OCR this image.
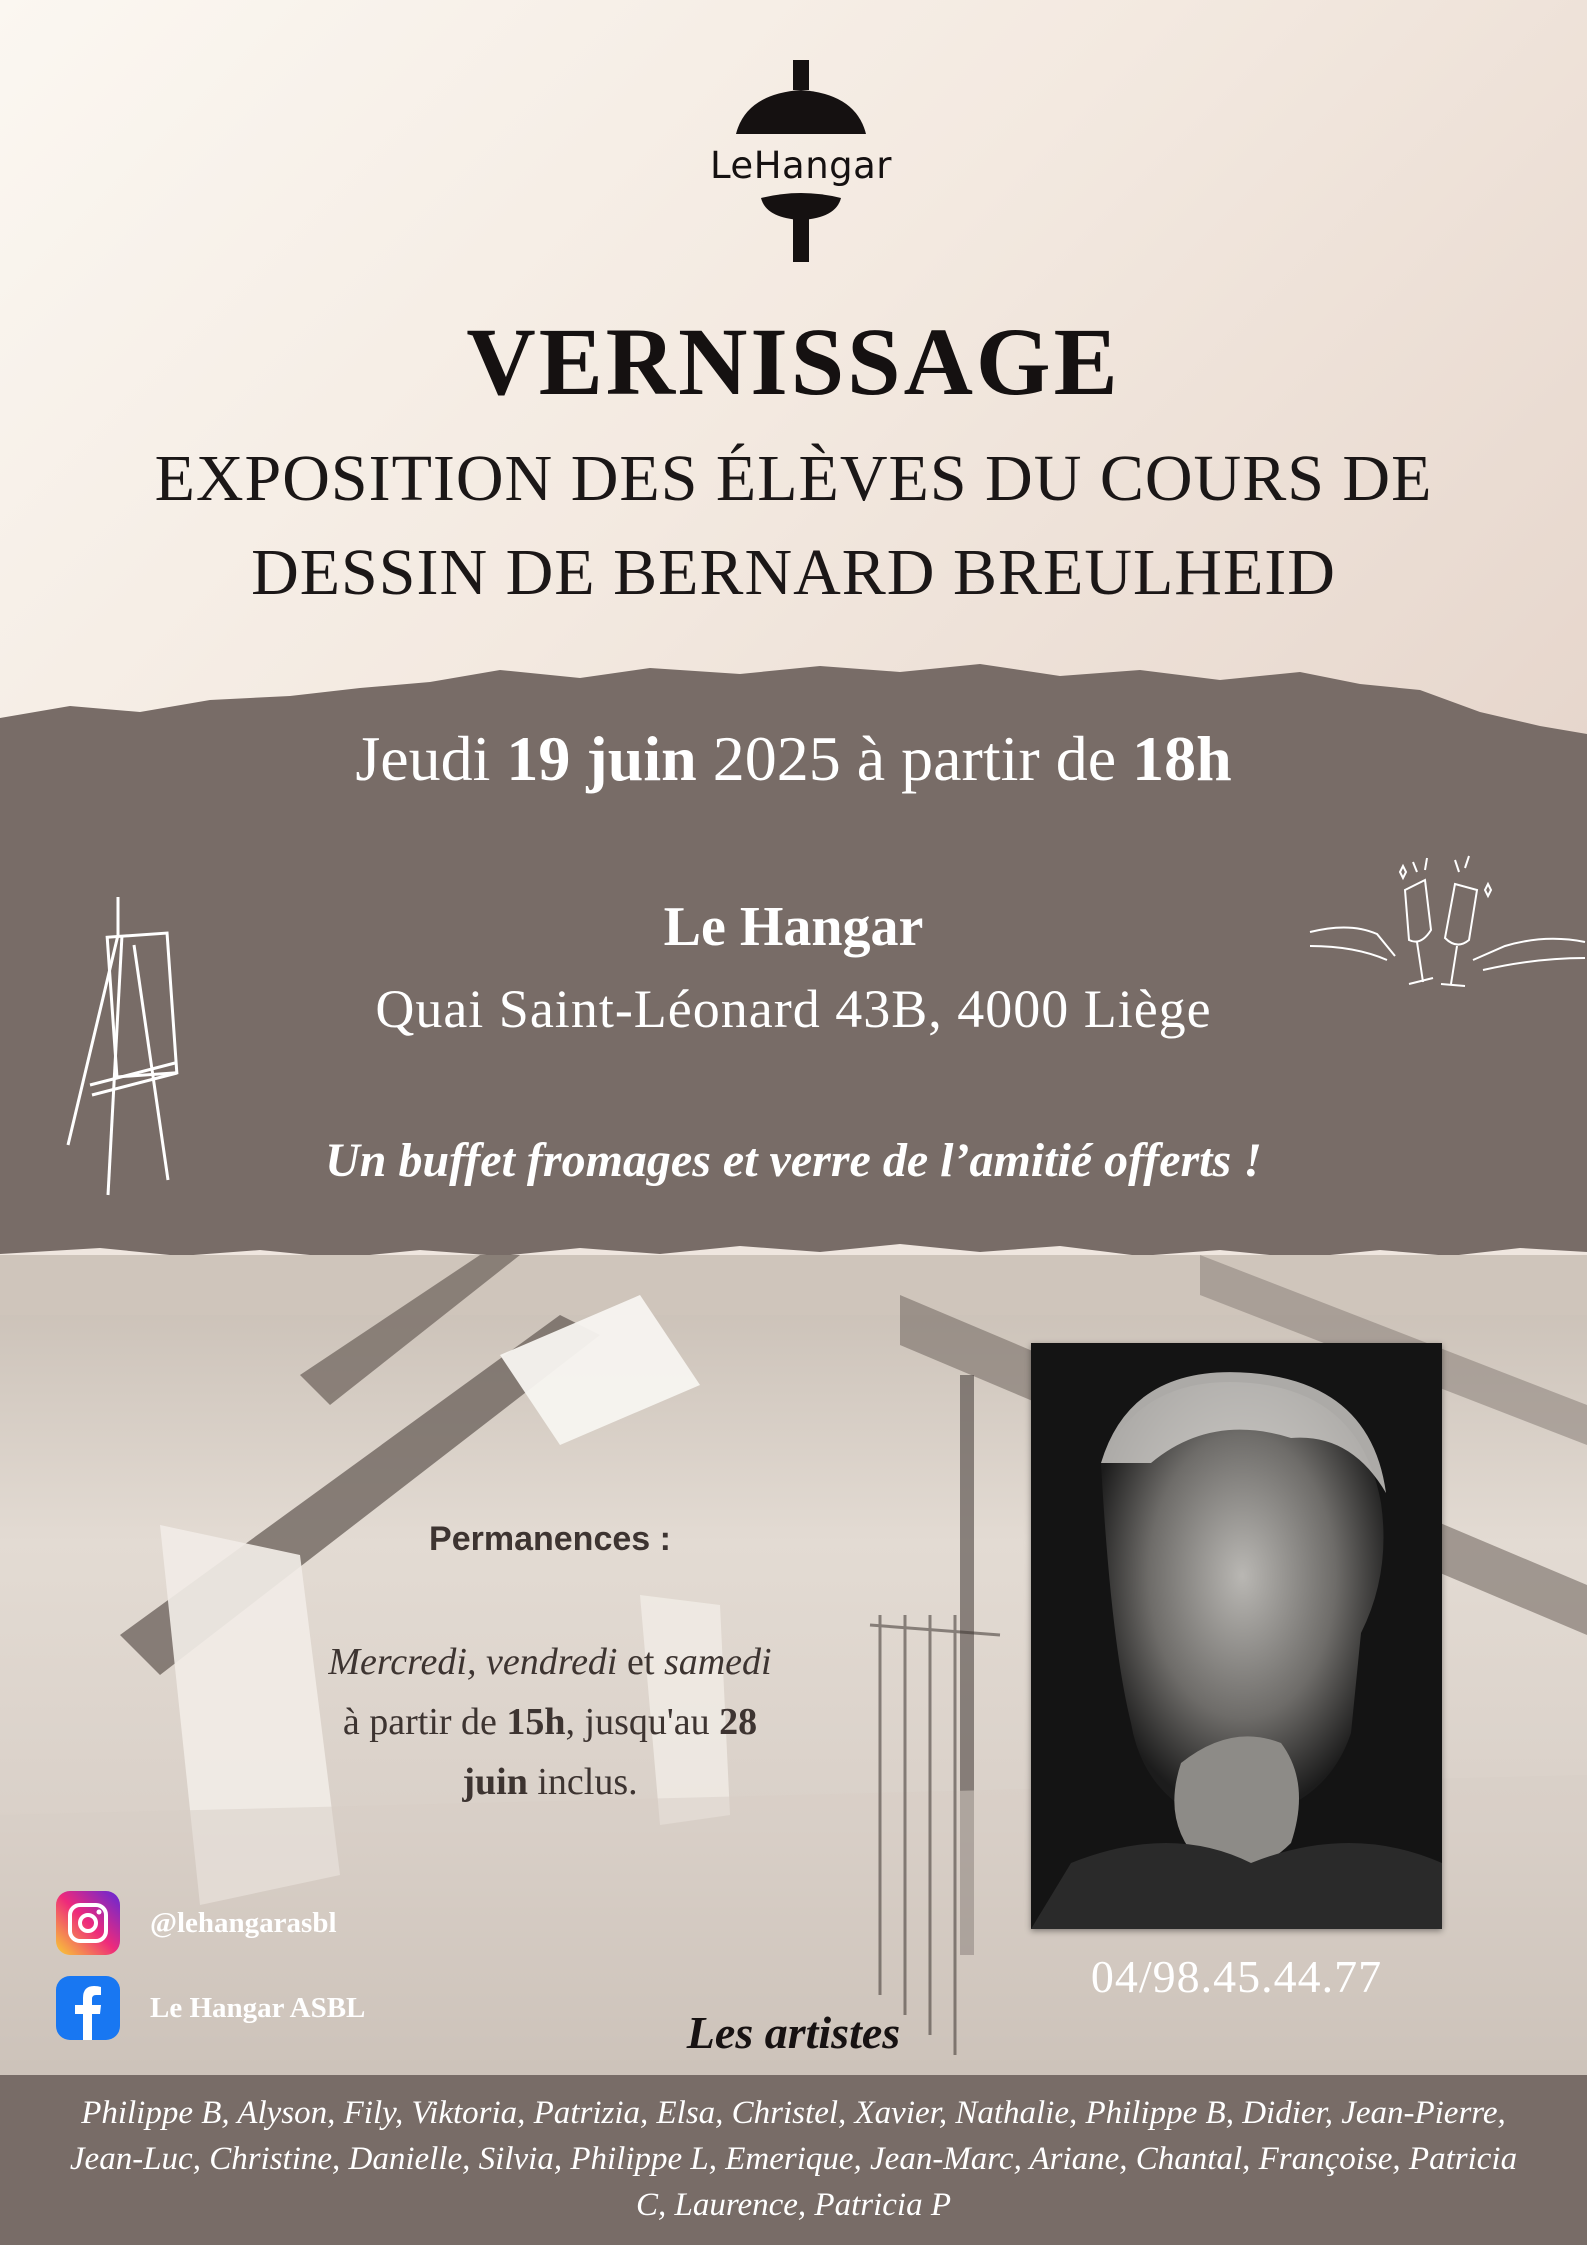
LeHangar
VERNISSAGE
EXPOSITION DES ÉLÈVES DU COURS DE DESSIN DE BERNARD BREULHEID
Jeudi 19 juin 2025 à partir de 18h
Le Hangar
Quai Saint-Léonard 43B, 4000 Liège
Un buffet fromages et verre de l’amitié offerts !
Permanences :
Mercredi, vendredi et samedi
à partir de 15h, jusqu'au 28
juin inclus.
04/98.45.44.77
@lehangarasbl
Le Hangar ASBL	Les artistes
Philippe B, Alyson, Fily, Viktoria, Patrizia, Elsa, Christel, Xavier, Nathalie, Philippe B, Didier, Jean-Pierre, Jean-Luc, Christine, Danielle, Silvia, Philippe L, Emerique, Jean-Marc, Ariane, Chantal, Françoise, Patricia C, Laurence, Patricia P
